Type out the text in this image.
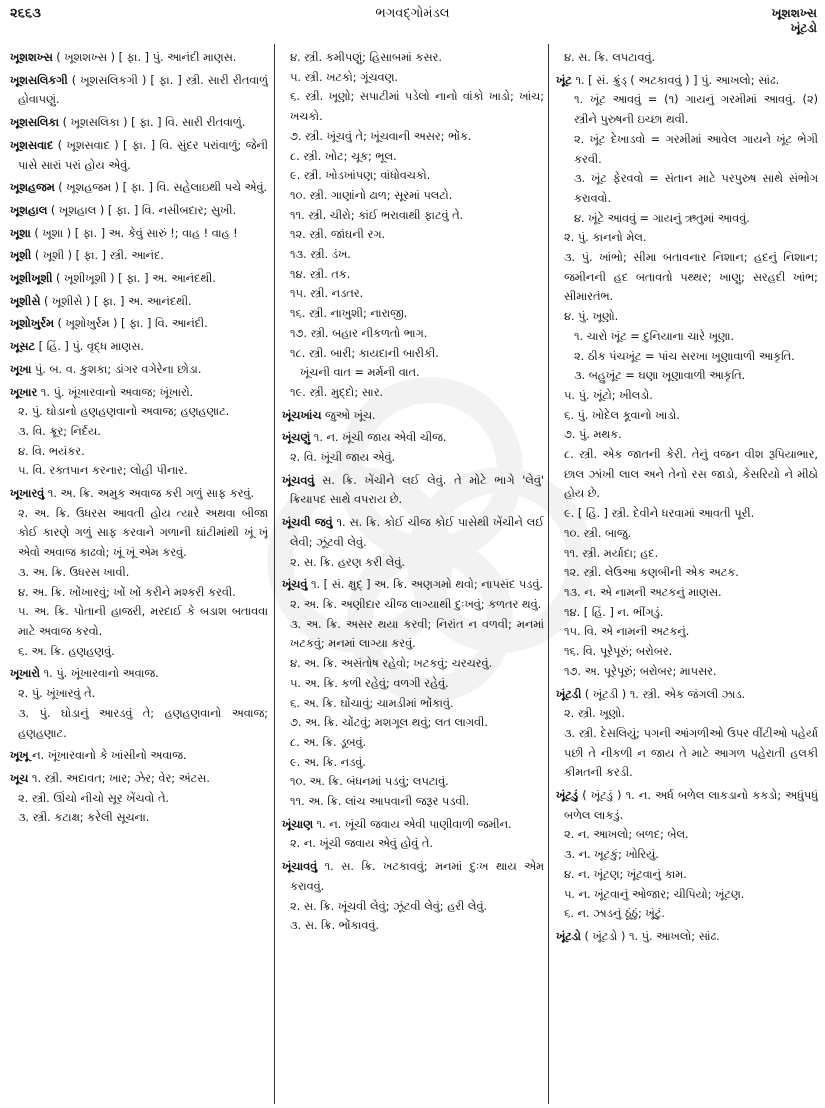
૨૬૬૩	ભગવદ્ગોમંડલ	ખૂશશખ્સ
ખૂંટડો
ખૂશશખ્સ ( ખૂશશખ્સ ) [ ફા. ] પું. આનંદી માણસ.
ખૂશસલિકગી ( ખૂશસલિકગી ) [ ફા. ] સ્ત્રી. સારી રીતવાળું હોવાપણું.
ખૂશસલિકા ( ખૂશસલિકા ) [ ફા. ] વિ. સારી રીતવાળું.
ખૂશસવાદ ( ખૂશસવાદ ) [ ફા. ] વિ. સુંદર પરાંવાળું; જેની પાસે સારાં પરાં હોય એવું.
ખૂશહજમ ( ખૂશહજમ ) [ ફા. ] વિ. સહેલાઇથી પચે એવું.
ખૂશહાલ ( ખૂશહાલ ) [ ફા. ] વિ. નસીબદાર; સુખી.
ખૂશા ( ખૂશા ) [ ફા. ] અ. કેવું સારું !; વાહ ! વાહ !
ખૂશી ( ખૂશી ) [ ફા. ] સ્ત્રી. આનંદ.
ખૂશીખૂશી ( ખૂશીખૂશી ) [ ફા. ] અ. આનંદથી.
ખૂશીસે ( ખૂશીસે ) [ ફા. ] અ. આનંદથી.
ખૂશોખુર્રમ ( ખૂશોખુર્રમ ) [ ફા. ] વિ. આનંદી.
ખૂસટ [ હિં. ] પું. વૃદ્ધ માણસ.
ખૂખા પું. બ. વ. કુશકા; ડાંગર વગેરેના છોડા.
ખૂખાર ૧. પું. ખૂંખારવાનો અવાજ; ખૂંખારો.
૨. પું. ઘોડાનો હણહણવાનો અવાજ; હણહણાટ.
૩. વિ. ક્રૂર; નિર્દય.
૪. વિ. ભયંકર.
૫. વિ. રક્તપાન કરનાર; લોહી પીનાર.
ખૂખારવું ૧. અ. ક્રિ. અમુક અવાજ કરી ગળું સાફ કરવું.
૨. અ. ક્રિ. ઉધરસ આવતી હોય ત્યારે અથવા બીજા કોઈ કારણે ગળું સાફ કરવાને ગળાની ઘાંટીમાંથી ખૂં ખૂં એવો અવાજ કાઢવો; ખૂં ખૂં એમ કરવું.
૩. અ. ક્રિ. ઉધરસ ખાવી.
૪. અ. ક્રિ. ખોંખારવું; ખોં ખોં કરીને મશ્કરી કરવી.
૫. અ. ક્રિ. પોતાની હાજરી, મરદાઈ કે બડાશ બતાવવા માટે અવાજ કરવો.
૬. અ. ક્રિ. હણહણવું.
ખૂખારો ૧. પું. ખૂંખારવાનો અવાજ.
૨. પું. ખૂંખારવું તે.
૩. પું. ઘોડાનું આરડવું તે; હણહણવાનો અવાજ; હણહણાટ.
ખૂખૂ ન. ખૂંખારવાનો કે ખાંસીનો અવાજ.
ખૂચ ૧. સ્ત્રી. અદાવત; ખાર; ઝેર; વેર; અંટસ.
૨. સ્ત્રી. ઊંચો નીચો સૂર ખેંચવો તે.
૩. સ્ત્રી. કટાક્ષ; કરેલી સૂચના.
૪. સ્ત્રી. કમીપણું; હિસાબમાં કસર.
૫. સ્ત્રી. ખટકો; ગૂંચવણ.
૬. સ્ત્રી. ખૂણો; સપાટીમાં પડેલો નાનો વાંકો ખાડો; ખાંચ; ખચકો.
૭. સ્ત્રી. ખૂંચવું તે; ખૂંચવાની અસર; ભોંક.
૮. સ્ત્રી. ખોટ; ચૂક; ભૂલ.
૯. સ્ત્રી. ખોડખાંપણ; વાંધોવચકો.
૧૦. સ્ત્રી. ગાણાંનો ઢાળ; સૂરમાં પલટો.
૧૧. સ્ત્રી. ચીરો; કાંઈ ભરાવાથી ફાટવું તે.
૧૨. સ્ત્રી. જાંઘની રગ.
૧૩. સ્ત્રી. ડંખ.
૧૪. સ્ત્રી. તક.
૧૫. સ્ત્રી. નડતર.
૧૬. સ્ત્રી. નાખુશી; નારાજી.
૧૭. સ્ત્રી. બહાર નીકળતો ભાગ.
૧૮. સ્ત્રી. બારી; કાયદાની બારીકી.
ખૂંચની વાત = મર્મની વાત.
૧૯. સ્ત્રી. મુદ્દો; સાર.
ખૂંચખાંચ જુઓ ખૂંચ.
ખૂંચણું ૧. ન. ખૂંચી જાય એવી ચીજ.
૨. વિ. ખૂંચી જાય એવું.
ખૂંચવવું સ. ક્રિ. ખેંચીને લઈ લેવું. તે મોટે ભાગે 'લેવું' ક્રિયાપદ સાથે વપરાય છે.
ખૂંચવી જવું ૧. સ. ક્રિ. કોઈ ચીજ કોઈ પાસેથી ખેંચીને લઈ લેવી; ઝૂંટવી લેવું.
૨. સ. ક્રિ. હરણ કરી લેવું.
ખૂંચવું ૧. [ સં. ક્ષુદ્ ] અ. ક્રિ. અણગમો થવો; નાપસંદ પડવું.
૨. અ. ક્રિ. અણીદાર ચીજ લાગ્યાથી દુઃખવું; કળતર થવું.
૩. અ. ક્રિ. અસર થયા કરવી; નિરાંત ન વળવી; મનમાં ખટકવું; મનમાં લાગ્યા કરવું.
૪. અ. ક્રિ. અસંતોષ રહેવો; ખટકવું; ચરચરવું.
૫. અ. ક્રિ. કળી રહેવું; વળગી રહેવું.
૬. અ. ક્રિ. ઘોંચાવું; ચામડીમાં ભોંકાવું.
૭. અ. ક્રિ. ચોંટવું; મશગૂલ થવું; લત લાગવી.
૮. અ. ક્રિ. ડૂબવું.
૯. અ. ક્રિ. નડવું.
૧૦. અ. ક્રિ. બંધનમાં પડવું; લપટાવું.
૧૧. અ. ક્રિ. લાંચ આપવાની જરૂર પડવી.
ખૂંચાણ ૧. ન. ખૂંચી જવાય એવી પાણીવાળી જમીન.
૨. ન. ખૂંચી જવાય એવું હોવું તે.
ખૂંચાવવું ૧. સ. ક્રિ. ખટકાવવું; મનમાં દુઃખ થાય એમ કરાવવું.
૨. સ. ક્રિ. ખૂંચવી લેવું; ઝૂંટવી લેવું; હરી લેવું.
૩. સ. ક્રિ. ભોંકાવવું.
૪. સ. ક્રિ. લપટાવવું.
ખૂંટ ૧. [ સં. ક્રુંડ્ ( અટકાવવું ) ] પું. આખલો; સાંઢ.
૧. ખૂંટ આવવું = (૧) ગાયનું ગરમીમાં આવવું. (૨) સ્ત્રીને પુરુષની ઇચ્છા થવી.
૨. ખૂંટ દેખાડવો = ગરમીમાં આવેલ ગાયને ખૂંટ ભેગી કરવી.
૩. ખૂંટ ફેરવવો = સંતાન માટે પરપુરુષ સાથે સંભોગ કરાવવો.
૪. ખૂંટે આવવું = ગાયનું ઋતુમાં આવવું.
૨. પું. કાનનો મેલ.
૩. પું. ખાંભો; સીમા બતાવનાર નિશાન; હદનું નિશાન; જમીનની હદ બતાવતો પથ્થર; ખાણુ; સરહદી ખાંભ; સીમારતંભ.
૪. પું. ખૂણો.
૧. ચારો ખૂંટ = દુનિયાના ચારે ખૂણા.
૨. ઠીક પંચખૂંટ = પાંચ સરખા ખૂણાવાળી આકૃતિ.
૩. બહુખૂંટ = ઘણા ખૂણાવાળી આકૃતિ.
૫. પું. ખૂંટો; ખીલડો.
૬. પું. ખોદેલ કૂવાનો ખાડો.
૭. પું. મથક.
૮. સ્ત્રી. એક જાતની કેરી. તેનું વજન વીશ રૂપિયાભાર, છાલ ઝાંખી લાલ અને તેનો રસ જાડો, કેસરિયો ને મીઠો હોય છે.
૯. [ હિં. ] સ્ત્રી. દેવીને ધરવામાં આવતી પૂરી.
૧૦. સ્ત્રી. બાજુ.
૧૧. સ્ત્રી. મર્યાદા; હદ.
૧૨. સ્ત્રી. લેઉઆ કણબીની એક અટક.
૧૩. ન. એ નામની અટકનું માણસ.
૧૪. [ હિં. ] ન. ભીંગડું.
૧૫. વિ. એ નામની અટકનું.
૧૬. વિ. પૂરેપૂરું; બરોબર.
૧૭. અ. પૂરેપૂરું; બરોબર; માપસર.
ખૂંટડી ( ખૂંટડી ) ૧. સ્ત્રી. એક જંગલી ઝાડ.
૨. સ્ત્રી. ખૂણો.
૩. સ્ત્રી. દેસલિયું; પગની આંગળીઓ ઉપર વીંટીઓ પહેર્યા પછી તે નીકળી ન જાય તે માટે આગળ પહેરાતી હલકી કીમતની કરડી.
ખૂંટડું ( ખૂંટડું ) ૧. ન. અર્ધ બળેલ લાકડાનો કકડો; અધુંપધું બળેલ લાકડું.
૨. ન. આખલો; બળદ; બેલ.
૩. ન. ખૂટકું; ખોરિયું.
૪. ન. ખૂંટણ; ખૂંટવાનું કામ.
૫. ન. ખૂંટવાનું ઓજાર; ચીપિયો; ખૂંટણ.
૬. ન. ઝાડનું ઠૂંઠું; ખૂંટું.
ખૂંટડો ( ખૂંટડો ) ૧. પું. આખલો; સાંઢ.
